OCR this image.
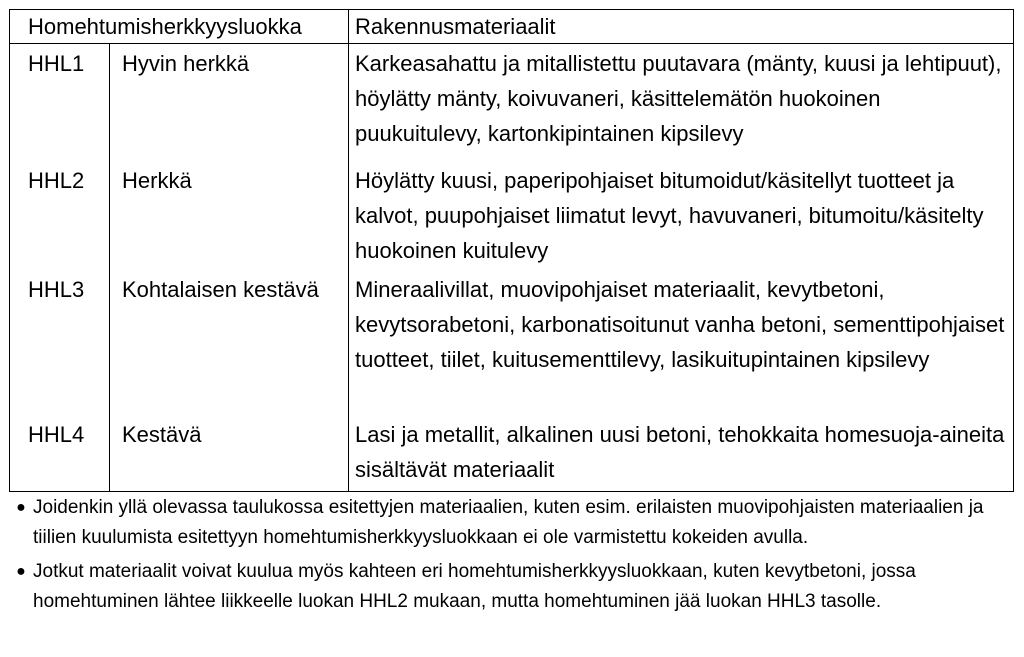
Homehtumisherkkyysluokka		Rakennusmateriaalit
HHL1	Hyvin herkkä	Karkeasahattu ja mitallistettu puutavara (mänty, kuusi ja lehtipuut), höylätty mänty, koivuvaneri, käsittelemätön huokoinen puukuitulevy, kartonkipintainen kipsilevy
HHL2	Herkkä	Höylätty kuusi, paperipohjaiset bitumoidut/käsitellyt tuotteet ja kalvot, puupohjaiset liimatut levyt, havuvaneri, bitumoitu/käsitelty huokoinen kuitulevy
HHL3	Kohtalaisen kestävä	Mineraalivillat, muovipohjaiset materiaalit, kevytbetoni, kevytsorabetoni, karbonatisoitunut vanha betoni, sementtipohjaiset tuotteet, tiilet, kuitusementtilevy, lasikuitupintainen kipsilevy
HHL4	Kestävä	Lasi ja metallit, alkalinen uusi betoni, tehokkaita homesuoja-aineita sisältävät materiaalit
● Joidenkin yllä olevassa taulukossa esitettyjen materiaalien, kuten esim. erilaisten muovipohjaisten materiaalien ja tiilien kuulumista esitettyyn homehtumisherkkyysluokkaan ei ole varmistettu kokeiden avulla.
● Jotkut materiaalit voivat kuulua myös kahteen eri homehtumisherkkyysluokkaan, kuten kevytbetoni, jossa homehtuminen lähtee liikkeelle luokan HHL2 mukaan, mutta homehtuminen jää luokan HHL3 tasolle.
